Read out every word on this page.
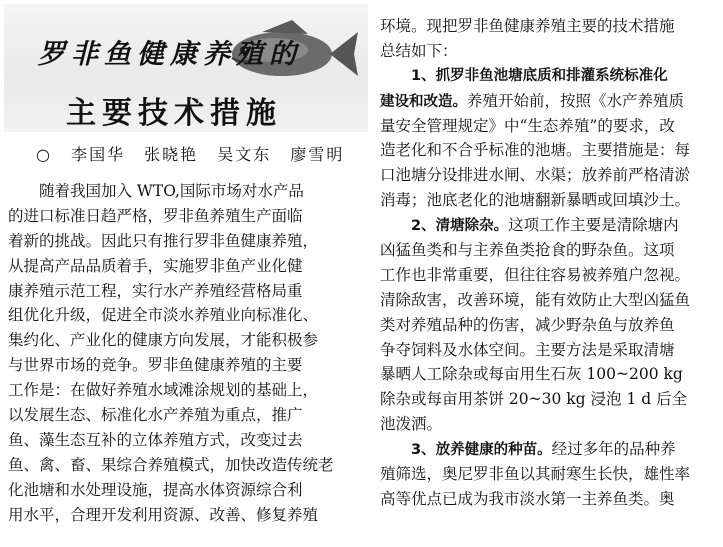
罗非鱼健康养殖的
主要技术措施
○ 李国华 张晓艳 吴文东 廖雪明
随着我国加入 WTO,国际市场对水产品
的进口标准日趋严格，罗非鱼养殖生产面临
着新的挑战。因此只有推行罗非鱼健康养殖，
从提高产品品质着手，实施罗非鱼产业化健
康养殖示范工程，实行水产养殖经营格局重
组优化升级，促进全市淡水养殖业向标准化、
集约化、产业化的健康方向发展，才能积极参
与世界市场的竞争。罗非鱼健康养殖的主要
工作是：在做好养殖水域滩涂规划的基础上，
以发展生态、标准化水产养殖为重点，推广
鱼、藻生态互补的立体养殖方式，改变过去
鱼、禽、畜、果综合养殖模式，加快改造传统老
化池塘和水处理设施，提高水体资源综合利
用水平，合理开发利用资源、改善、修复养殖
环境。现把罗非鱼健康养殖主要的技术措施
总结如下：
1、抓罗非鱼池塘底质和排灌系统标准化
建设和改造。养殖开始前，按照《水产养殖质
量安全管理规定》中“生态养殖”的要求，改
造老化和不合乎标准的池塘。主要措施是：每
口池塘分设排进水闸、水渠；放养前严格清淤
消毒；池底老化的池塘翻新暴晒或回填沙土。
2、清塘除杂。这项工作主要是清除塘内
凶猛鱼类和与主养鱼类抢食的野杂鱼。这项
工作也非常重要，但往往容易被养殖户忽视。
清除敌害，改善环境，能有效防止大型凶猛鱼
类对养殖品种的伤害，减少野杂鱼与放养鱼
争夺饲料及水体空间。主要方法是采取清塘
暴晒人工除杂或每亩用生石灰 100~200 kg
除杂或每亩用茶饼 20~30 kg 浸泡 1 d 后全
池泼洒。
3、放养健康的种苗。经过多年的品种养
殖筛选，奥尼罗非鱼以其耐寒生长快，雄性率
高等优点已成为我市淡水第一主养鱼类。奥
